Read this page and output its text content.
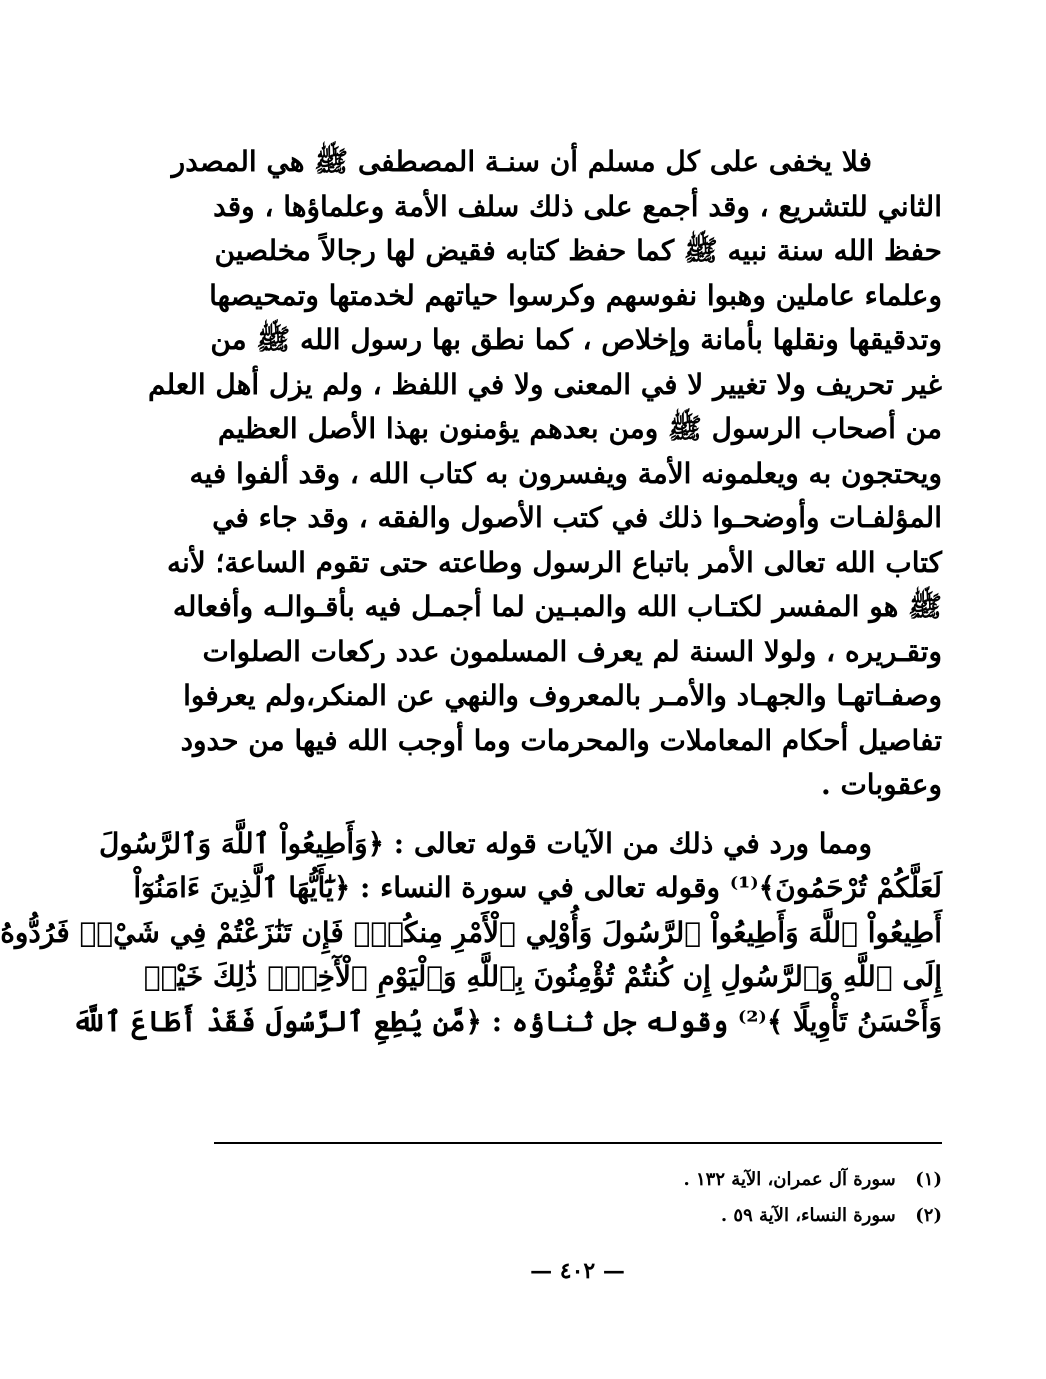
فلا يخفى على كل مسلم أن سنـة المصطفى ﷺ هي المصدر
الثاني للتشريع ، وقد أجمع على ذلك سلف الأمة وعلماؤها ، وقد
حفظ الله سنة نبيه ﷺ كما حفظ كتابه فقيض لها رجالاً مخلصين
وعلماء عاملين وهبوا نفوسهم وكرسوا حياتهم لخدمتها وتمحيصها
وتدقيقها ونقلها بأمانة وإخلاص ، كما نطق بها رسول الله ﷺ من
غير تحريف ولا تغيير لا في المعنى ولا في اللفظ ، ولم يزل أهل العلم
من أصحاب الرسول ﷺ ومن بعدهم يؤمنون بهذا الأصل العظيم
ويحتجون به ويعلمونه الأمة ويفسرون به كتاب الله ، وقد ألفوا فيه
المؤلفـات وأوضحـوا ذلك في كتب الأصول والفقه ، وقد جاء في
كتاب الله تعالى الأمر باتباع الرسول وطاعته حتى تقوم الساعة؛ لأنه
ﷺ هو المفسر لكتـاب الله والمبـين لما أجمـل فيه بأقـوالـه وأفعاله
وتقـريره ، ولولا السنة لم يعرف المسلمون عدد ركعات الصلوات
وصفـاتهـا والجهـاد والأمـر بالمعروف والنهي عن المنكر،ولم يعرفوا
تفاصيل أحكام المعاملات والمحرمات وما أوجب الله فيها من حدود
وعقوبات .

ومما ورد في ذلك من الآيات قوله تعالى : ﴿وَأَطِيعُواْ ٱللَّهَ وَٱلرَّسُولَ
لَعَلَّكُمْ تُرْحَمُونَ﴾⁽¹⁾ وقوله تعالى في سورة النساء : ﴿يَٰٓأَيُّهَا ٱلَّذِينَ ءَامَنُوٓاْ
أَطِيعُواْ ٱللَّهَ وَأَطِيعُواْ ٱلرَّسُولَ وَأُوْلِي ٱلْأَمْرِ مِنكُمْۖ فَإِن تَنَٰزَعْتُمْ فِي شَيْءٖ فَرُدُّوهُ
إِلَى ٱللَّهِ وَٱلرَّسُولِ إِن كُنتُمْ تُؤْمِنُونَ بِٱللَّهِ وَٱلْيَوْمِ ٱلْأٓخِرِۚ ذَٰلِكَ خَيْرٞ
وَأَحْسَنُ تَأْوِيلًا ﴾⁽²⁾ وقوله جل ثناؤه : ﴿مَّن يُطِعِ ٱلرَّسُولَ فَقَدْ أَطَاعَ ٱللَّهَ

(١) سورة آل عمران، الآية ١٣٢ .
(٢) سورة النساء، الآية ٥٩ .
— ٤٠٢ —
